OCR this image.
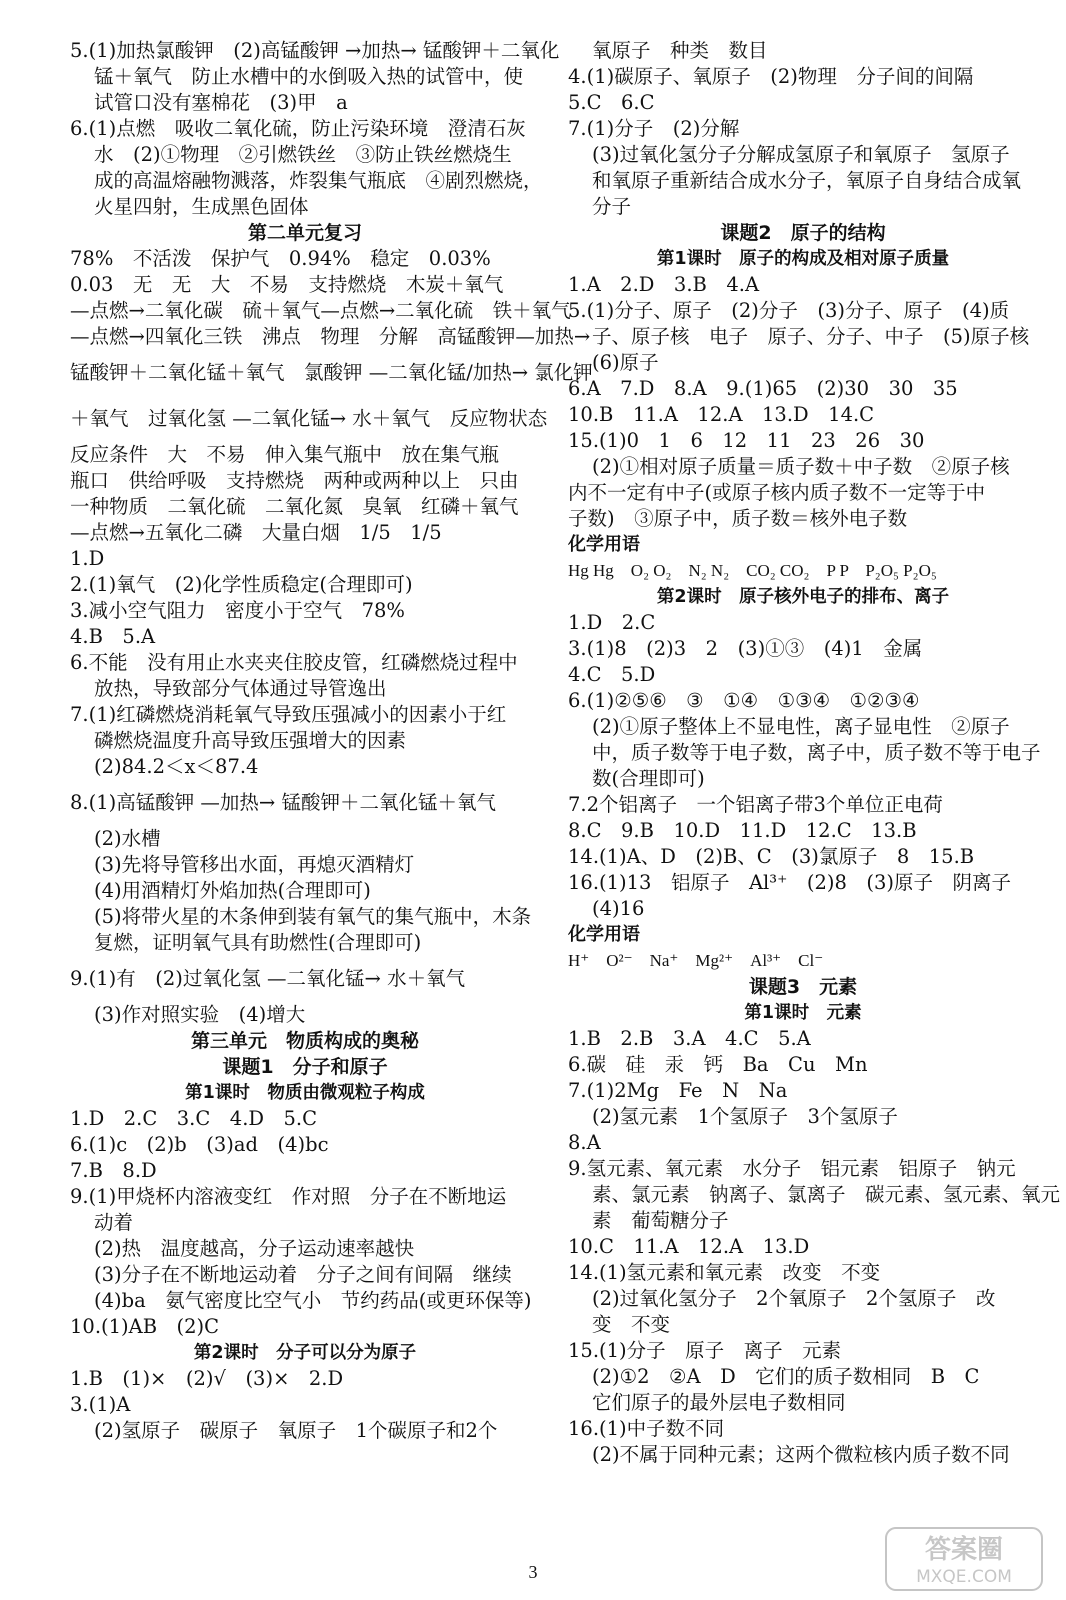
5.(1)加热氯酸钾　(2)高锰酸钾 →加热→ 锰酸钾＋二氧化
锰＋氧气　防止水槽中的水倒吸入热的试管中，使
试管口没有塞棉花　(3)甲　a
6.(1)点燃　吸收二氧化硫，防止污染环境　澄清石灰
水　(2)①物理　②引燃铁丝　③防止铁丝燃烧生
成的高温熔融物溅落，炸裂集气瓶底　④剧烈燃烧，
火星四射，生成黑色固体
第二单元复习
78%　不活泼　保护气　0.94%　稳定　0.03%
0.03　无　无　大　不易　支持燃烧　木炭＋氧气
—点燃→二氧化碳　硫＋氧气—点燃→二氧化硫　铁＋氧气
—点燃→四氧化三铁　沸点　物理　分解　高锰酸钾—加热→
锰酸钾＋二氧化锰＋氧气　氯酸钾 —二氧化锰/加热→ 氯化钾
＋氧气　过氧化氢 —二氧化锰→ 水＋氧气　反应物状态
反应条件　大　不易　伸入集气瓶中　放在集气瓶
瓶口　供给呼吸　支持燃烧　两种或两种以上　只由
一种物质　二氧化硫　二氧化氮　臭氧　红磷＋氧气
—点燃→五氧化二磷　大量白烟　1/5　1/5
1.D
2.(1)氧气　(2)化学性质稳定(合理即可)
3.减小空气阻力　密度小于空气　78%
4.B　5.A
6.不能　没有用止水夹夹住胶皮管，红磷燃烧过程中
放热，导致部分气体通过导管逸出
7.(1)红磷燃烧消耗氧气导致压强减小的因素小于红
磷燃烧温度升高导致压强增大的因素
(2)84.2＜x＜87.4
8.(1)高锰酸钾 —加热→ 锰酸钾＋二氧化锰＋氧气
(2)水槽
(3)先将导管移出水面，再熄灭酒精灯
(4)用酒精灯外焰加热(合理即可)
(5)将带火星的木条伸到装有氧气的集气瓶中，木条
复燃，证明氧气具有助燃性(合理即可)
9.(1)有　(2)过氧化氢 —二氧化锰→ 水＋氧气
(3)作对照实验　(4)增大
第三单元　物质构成的奥秘
课题1　分子和原子
第1课时　物质由微观粒子构成
1.D　2.C　3.C　4.D　5.C
6.(1)c　(2)b　(3)ad　(4)bc
7.B　8.D
9.(1)甲烧杯内溶液变红　作对照　分子在不断地运
动着
(2)热　温度越高，分子运动速率越快
(3)分子在不断地运动着　分子之间有间隔　继续
(4)ba　氨气密度比空气小　节约药品(或更环保等)
10.(1)AB　(2)C
第2课时　分子可以分为原子
1.B　(1)×　(2)√　(3)×　2.D
3.(1)A
(2)氢原子　碳原子　氧原子　1个碳原子和2个
氧原子　种类　数目
4.(1)碳原子、氧原子　(2)物理　分子间的间隔
5.C　6.C
7.(1)分子　(2)分解
(3)过氧化氢分子分解成氢原子和氧原子　氢原子
和氧原子重新结合成水分子，氧原子自身结合成氧
分子
课题2　原子的结构
第1课时　原子的构成及相对原子质量
1.A　2.D　3.B　4.A
5.(1)分子、原子　(2)分子　(3)分子、原子　(4)质
子、原子核　电子　原子、分子、中子　(5)原子核
(6)原子
6.A　7.D　8.A　9.(1)65　(2)30　30　35
10.B　11.A　12.A　13.D　14.C
15.(1)0　1　6　12　11　23　26　30
(2)①相对原子质量＝质子数＋中子数　②原子核
内不一定有中子(或原子核内质子数不一定等于中
子数)　③原子中，质子数＝核外电子数
化学用语
Hg Hg　O₂ O₂　N₂ N₂　CO₂ CO₂　P P　P₂O₅ P₂O₅
第2课时　原子核外电子的排布、离子
1.D　2.C
3.(1)8　(2)3　2　(3)①③　(4)1　金属
4.C　5.D
6.(1)②⑤⑥　③　①④　①③④　①②③④
(2)①原子整体上不显电性，离子显电性　②原子
中，质子数等于电子数，离子中，质子数不等于电子
数(合理即可)
7.2个铝离子　一个铝离子带3个单位正电荷
8.C　9.B　10.D　11.D　12.C　13.B
14.(1)A、D　(2)B、C　(3)氯原子　8　15.B
16.(1)13　铝原子　Al³⁺　(2)8　(3)原子　阴离子
(4)16
化学用语
H⁺　O²⁻　Na⁺　Mg²⁺　Al³⁺　Cl⁻
课题3　元素
第1课时　元素
1.B　2.B　3.A　4.C　5.A
6.碳　硅　汞　钙　Ba　Cu　Mn
7.(1)2Mg　Fe　N　Na
(2)氢元素　1个氢原子　3个氢原子
8.A
9.氢元素、氧元素　水分子　铝元素　铝原子　钠元
素、氯元素　钠离子、氯离子　碳元素、氢元素、氧元
素　葡萄糖分子
10.C　11.A　12.A　13.D
14.(1)氢元素和氧元素　改变　不变
(2)过氧化氢分子　2个氧原子　2个氢原子　改
变　不变
15.(1)分子　原子　离子　元素
(2)①2　②A　D　它们的质子数相同　B　C
它们原子的最外层电子数相同
16.(1)中子数不同
(2)不属于同种元素；这两个微粒核内质子数不同
3
答案圈
MXQE.COM
